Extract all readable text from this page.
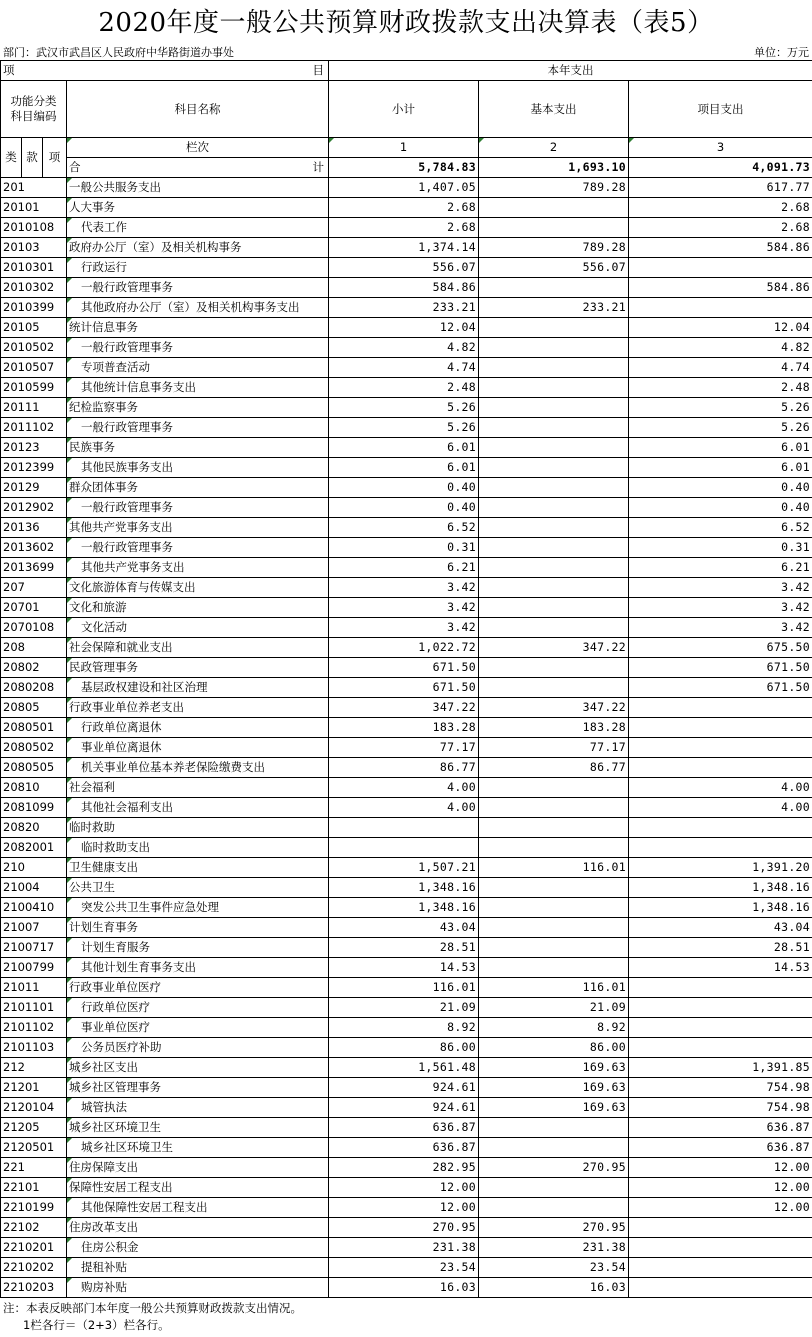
2020年度一般公共预算财政拨款支出决算表（表5）
部门：武汉市武昌区人民政府中华路街道办事处	单位：万元
项 目				本年支出		
功能分类
科目编码			科目名称	小计	基本支出	项目支出
类	款	项	栏次	1	2	3
			合 计	5,784.83	1,693.10	4,091.73
201			一般公共服务支出	1,407.05	789.28	617.77
20101			人大事务	2.68		2.68
2010108			代表工作	2.68		2.68
20103			政府办公厅（室）及相关机构事务	1,374.14	789.28	584.86
2010301			行政运行	556.07	556.07	
2010302			一般行政管理事务	584.86		584.86
2010399			其他政府办公厅（室）及相关机构事务支出	233.21	233.21	
20105			统计信息事务	12.04		12.04
2010502			一般行政管理事务	4.82		4.82
2010507			专项普查活动	4.74		4.74
2010599			其他统计信息事务支出	2.48		2.48
20111			纪检监察事务	5.26		5.26
2011102			一般行政管理事务	5.26		5.26
20123			民族事务	6.01		6.01
2012399			其他民族事务支出	6.01		6.01
20129			群众团体事务	0.40		0.40
2012902			一般行政管理事务	0.40		0.40
20136			其他共产党事务支出	6.52		6.52
2013602			一般行政管理事务	0.31		0.31
2013699			其他共产党事务支出	6.21		6.21
207			文化旅游体育与传媒支出	3.42		3.42
20701			文化和旅游	3.42		3.42
2070108			文化活动	3.42		3.42
208			社会保障和就业支出	1,022.72	347.22	675.50
20802			民政管理事务	671.50		671.50
2080208			基层政权建设和社区治理	671.50		671.50
20805			行政事业单位养老支出	347.22	347.22	
2080501			行政单位离退休	183.28	183.28	
2080502			事业单位离退休	77.17	77.17	
2080505			机关事业单位基本养老保险缴费支出	86.77	86.77	
20810			社会福利	4.00		4.00
2081099			其他社会福利支出	4.00		4.00
20820			临时救助			
2082001			临时救助支出			
210			卫生健康支出	1,507.21	116.01	1,391.20
21004			公共卫生	1,348.16		1,348.16
2100410			突发公共卫生事件应急处理	1,348.16		1,348.16
21007			计划生育事务	43.04		43.04
2100717			计划生育服务	28.51		28.51
2100799			其他计划生育事务支出	14.53		14.53
21011			行政事业单位医疗	116.01	116.01	
2101101			行政单位医疗	21.09	21.09	
2101102			事业单位医疗	8.92	8.92	
2101103			公务员医疗补助	86.00	86.00	
212			城乡社区支出	1,561.48	169.63	1,391.85
21201			城乡社区管理事务	924.61	169.63	754.98
2120104			城管执法	924.61	169.63	754.98
21205			城乡社区环境卫生	636.87		636.87
2120501			城乡社区环境卫生	636.87		636.87
221			住房保障支出	282.95	270.95	12.00
22101			保障性安居工程支出	12.00		12.00
2210199			其他保障性安居工程支出	12.00		12.00
22102			住房改革支出	270.95	270.95	
2210201			住房公积金	231.38	231.38	
2210202			提租补贴	23.54	23.54	
2210203			购房补贴	16.03	16.03	
注：本表反映部门本年度一般公共预算财政拨款支出情况。
1栏各行＝（2+3）栏各行。
